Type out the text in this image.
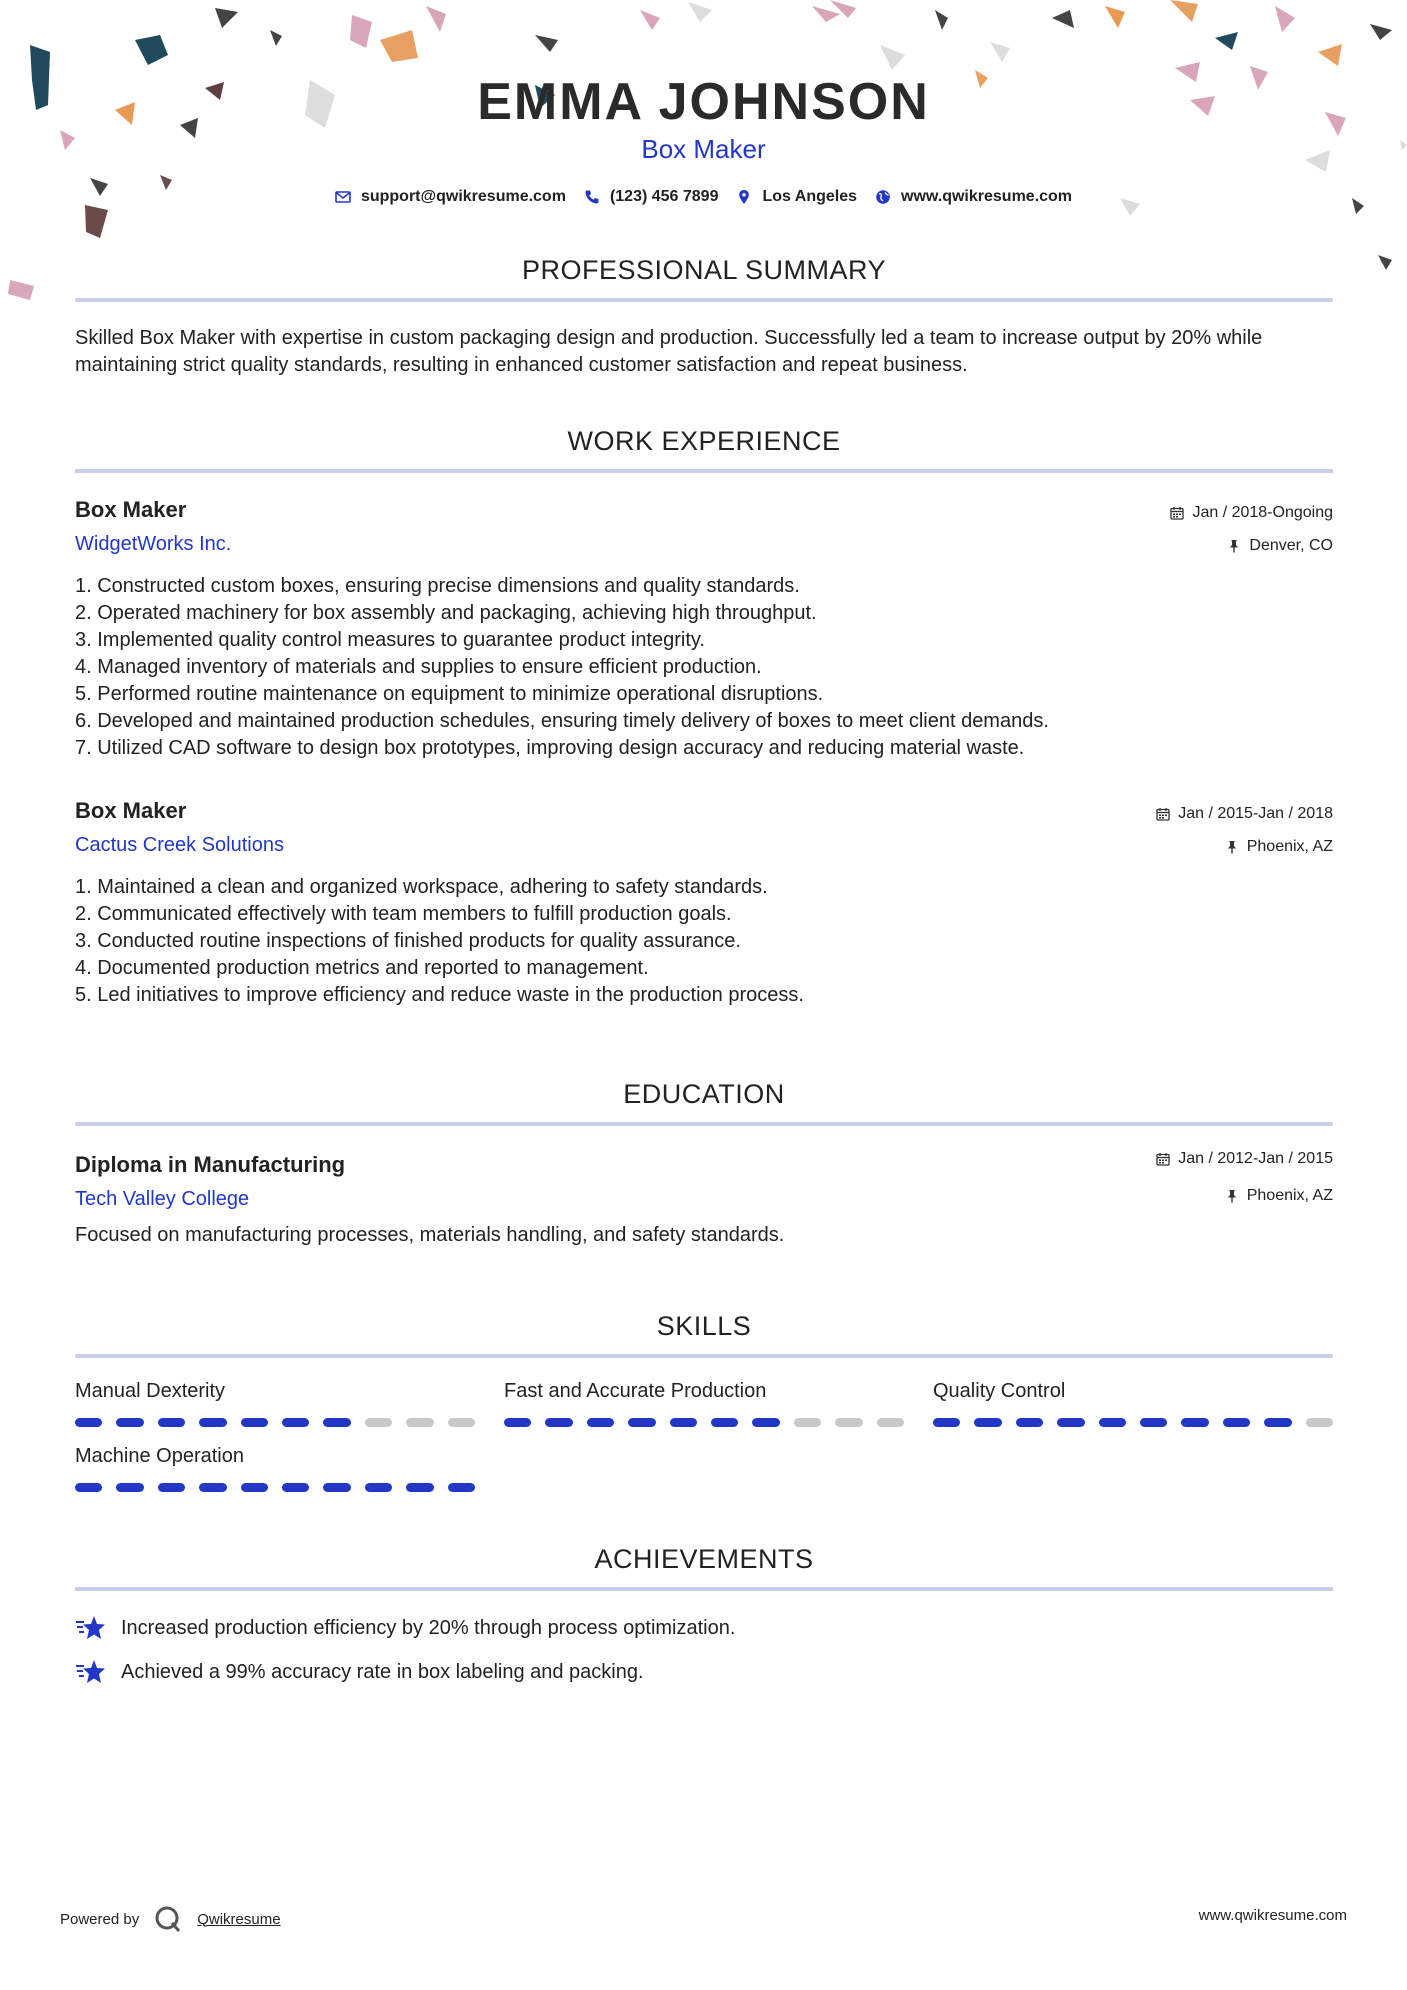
EMMA JOHNSON
Box Maker
support@qwikresume.com	(123) 456 7899	Los Angeles	www.qwikresume.com
PROFESSIONAL SUMMARY
Skilled Box Maker with expertise in custom packaging design and production. Successfully led a team to increase output by 20% while maintaining strict quality standards, resulting in enhanced customer satisfaction and repeat business.
WORK EXPERIENCE
Box Maker	Jan / 2018-Ongoing
WidgetWorks Inc.	Denver, CO
1. Constructed custom boxes, ensuring precise dimensions and quality standards.
2. Operated machinery for box assembly and packaging, achieving high throughput.
3. Implemented quality control measures to guarantee product integrity.
4. Managed inventory of materials and supplies to ensure efficient production.
5. Performed routine maintenance on equipment to minimize operational disruptions.
6. Developed and maintained production schedules, ensuring timely delivery of boxes to meet client demands.
7. Utilized CAD software to design box prototypes, improving design accuracy and reducing material waste.
Box Maker	Jan / 2015-Jan / 2018
Cactus Creek Solutions	Phoenix, AZ
1. Maintained a clean and organized workspace, adhering to safety standards.
2. Communicated effectively with team members to fulfill production goals.
3. Conducted routine inspections of finished products for quality assurance.
4. Documented production metrics and reported to management.
5. Led initiatives to improve efficiency and reduce waste in the production process.
EDUCATION
Diploma in Manufacturing	Jan / 2012-Jan / 2015
Tech Valley College	Phoenix, AZ
Focused on manufacturing processes, materials handling, and safety standards.
SKILLS
Manual Dexterity	Fast and Accurate Production	Quality Control
Machine Operation
ACHIEVEMENTS
Increased production efficiency by 20% through process optimization.
Achieved a 99% accuracy rate in box labeling and packing.
Powered by	Qwikresume	www.qwikresume.com
